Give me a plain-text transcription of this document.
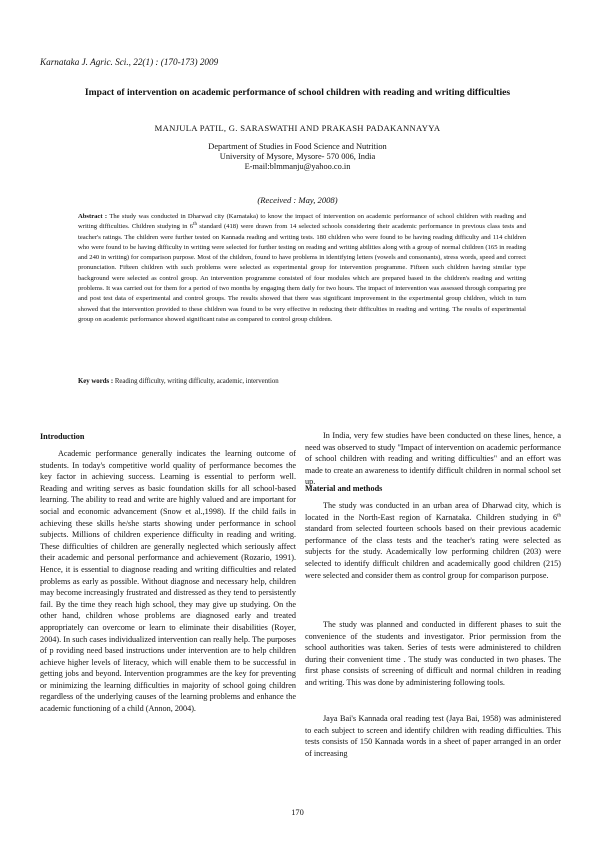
Karnataka J. Agric. Sci., 22(1) : (170-173) 2009
Impact of intervention on academic performance of school children with reading and writing difficulties
MANJULA PATIL, G. SARASWATHI AND PRAKASH PADAKANNAYYA
Department of Studies in Food Science and Nutrition
University of Mysore, Mysore- 570 006, India
E-mail:blmmanju@yahoo.co.in
(Received : May, 2008)
Abstract : The study was conducted in Dharwad city (Karnataka) to know the impact of intervention on academic performance of school children with reading and writing difficulties. Children studying in 6th standard (418) were drawn from 14 selected schools considering their academic performance in previous class tests and teacher's ratings. The children were further tested on Kannada reading and writing tests. 180 children who were found to be having reading difficulty and 114 children who were found to be having difficulty in writing were selected for further testing on reading and writing abilities along with a group of normal children (165 in reading and 240 in writing) for comparison purpose. Most of the children, found to have problems in identifying letters (vowels and consonants), stress words, speed and correct pronunciation. Fifteen children with such problems were selected as experimental group for intervention programme. Fifteen such children having similar type background were selected as control group. An intervention programme consisted of four modules which are prepared based in the children's reading and writing problems. It was carried out for them for a period of two months by engaging them daily for two hours. The impact of intervention was assessed through comparing pre and post test data of experimental and control groups. The results showed that there was significant improvement in the experimental group children, which in turn showed that the intervention provided to these children was found to be very effective in reducing their difficulties in reading and writing. The results of experimental group on academic performance showed significant raise as compared to control group children.
Key words : Reading difficulty, writing difficulty, academic, intervention
Introduction

Academic performance generally indicates the learning outcome of students. In today's competitive world quality of performance becomes the key factor in achieving success. Learning is essential to perform well. Reading and writing serves as basic foundation skills for all school-based learning. The ability to read and write are highly valued and are important for social and economic advancement (Snow et al.,1998). If the child fails in achieving these skills he/she starts showing under performance in school subjects. Millions of children experience difficulty in reading and writing. These difficulties of children are generally neglected which seriously affect their academic and personal performance and achievement (Rozario, 1991). Hence, it is essential to diagnose reading and writing difficulties and related problems as early as possible. Without diagnose and necessary help, children may become increasingly frustrated and distressed as they tend to persistently fail. By the time they reach high school, they may give up studying. On the other hand, children whose problems are diagnosed early and treated appropriately can overcome or learn to eliminate their disabilities (Royer, 2004). In such cases individualized intervention can really help. The purposes of p roviding need based instructions under intervention are to help children achieve higher levels of literacy, which will enable them to be successful in getting jobs and beyond. Intervention programmes are the key for preventing or minimizing the learning difficulties in majority of school going children regardless of the underlying causes of the learning problems and enhance the academic functioning of a child (Annon, 2004).

In India, very few studies have been conducted on these lines, hence, a need was observed to study "Impact of intervention on academic performance of school children with reading and writing difficulties" and an effort was made to create an awareness to identify difficult children in normal school set up.

Material and methods

The study was conducted in an urban area of Dharwad city, which is located in the North-East region of Karnataka. Children studying in 6th standard from selected fourteen schools based on their previous academic performance of the class tests and the teacher's rating were selected as subjects for the study. Academically low performing children (203) were selected to identify difficult children and academically good children (215) were selected and consider them as control group for comparison purpose.

The study was planned and conducted in different phases to suit the convenience of the students and investigator. Prior permission from the school authorities was taken. Series of tests were administered to children during their convenient time . The study was conducted in two phases. The first phase consists of screening of difficult and normal children in reading and writing. This was done by administering following tools.

Jaya Bai's Kannada oral reading test (Jaya Bai, 1958) was administered to each subject to screen and identify children with reading difficulties. This tests consists of 150 Kannada words in a sheet of paper arranged in an order of increasing

170
